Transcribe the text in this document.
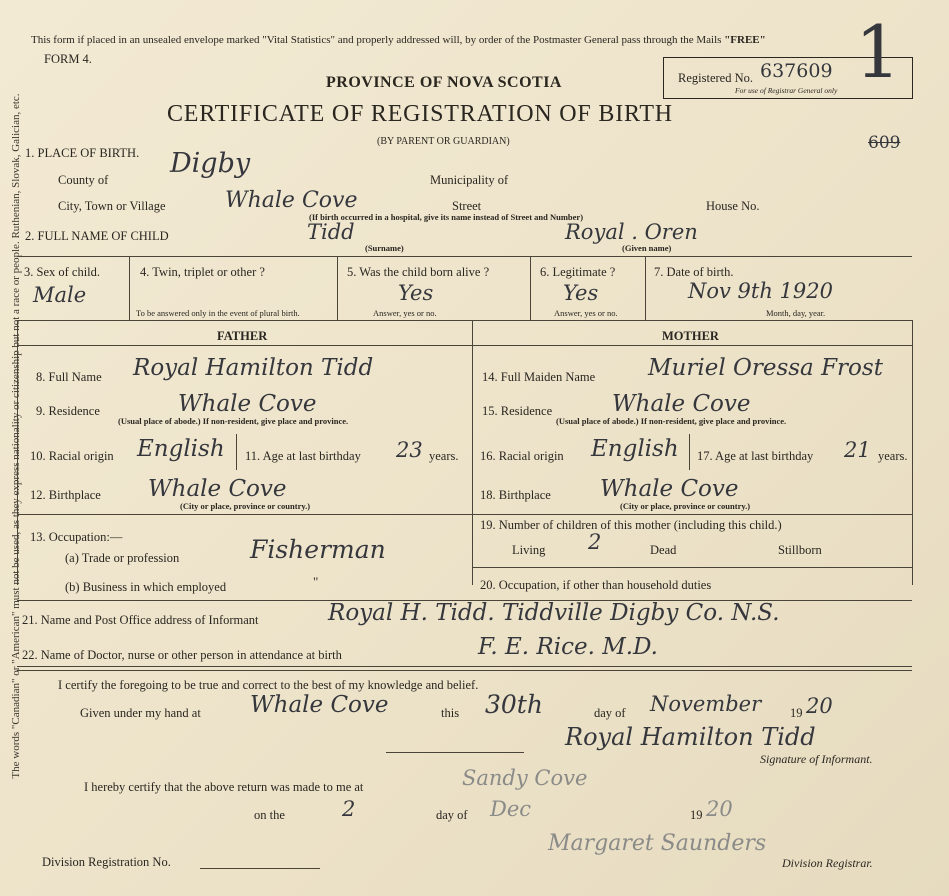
The words "Canadian" or "American" must not be used, as they express nationality or citizenship but not a race or people. Ruthenian, Slovak, Galician, etc.
This form if placed in an unsealed envelope marked "Vital Statistics" and properly addressed will, by order of the Postmaster General pass through the Mails "FREE"
FORM 4.
PROVINCE OF NOVA SCOTIA
CERTIFICATE OF REGISTRATION OF BIRTH
(BY PARENT OR GUARDIAN)
Registered No. 637609
For use of Registrar General only 1
609
1. PLACE OF BIRTH.
County of
Digby
Municipality of
City, Town or Village	Whale Cove	Street	House No.
(If birth occurred in a hospital, give its name instead of Street and Number)
2. FULL NAME OF CHILD	Tidd
(Surname)
Royal . Oren
(Given name)
3. Sex of child.
Male
4. Twin, triplet or other ?
To be answered only in the event of plural birth.
5. Was the child born alive ?
Yes
Answer, yes or no.
6. Legitimate ?
Yes
Answer, yes or no.
7. Date of birth.
Nov 9th 1920
Month, day, year.
FATHER
8. Full Name Royal Hamilton Tidd
9. Residence	Whale Cove
(Usual place of abode.) If non-resident, give place and province.
10. Racial origin English 11. Age at last birthday 23 years.
12. Birthplace Whale Cove
(City or place, province or country.)
13. Occupation:—
(a) Trade or profession	Fisherman
(b) Business in which employed	"
MOTHER
14. Full Maiden Name Muriel Oressa Frost
15. Residence	Whale Cove
(Usual place of abode.) If non-resident, give place and province.
16. Racial origin English 17. Age at last birthday 21 years.
18. Birthplace Whale Cove
(City or place, province or country.)
19. Number of children of this mother (including this child.)
Living 2	Dead	Stillborn
20. Occupation, if other than household duties
21. Name and Post Office address of Informant	Royal H. Tidd. Tiddville Digby Co. N.S.
22. Name of Doctor, nurse or other person in attendance at birth	F. E. Rice. M.D.
I certify the foregoing to be true and correct to the best of my knowledge and belief.
Given under my hand at Whale Cove	this 30th	day of November 19 20
Royal Hamilton Tidd
Signature of Informant.
I hereby certify that the above return was made to me at	Sandy Cove
on the	2	day of Dec	19 20
Margaret Saunders
Division Registration No.	Division Registrar.
